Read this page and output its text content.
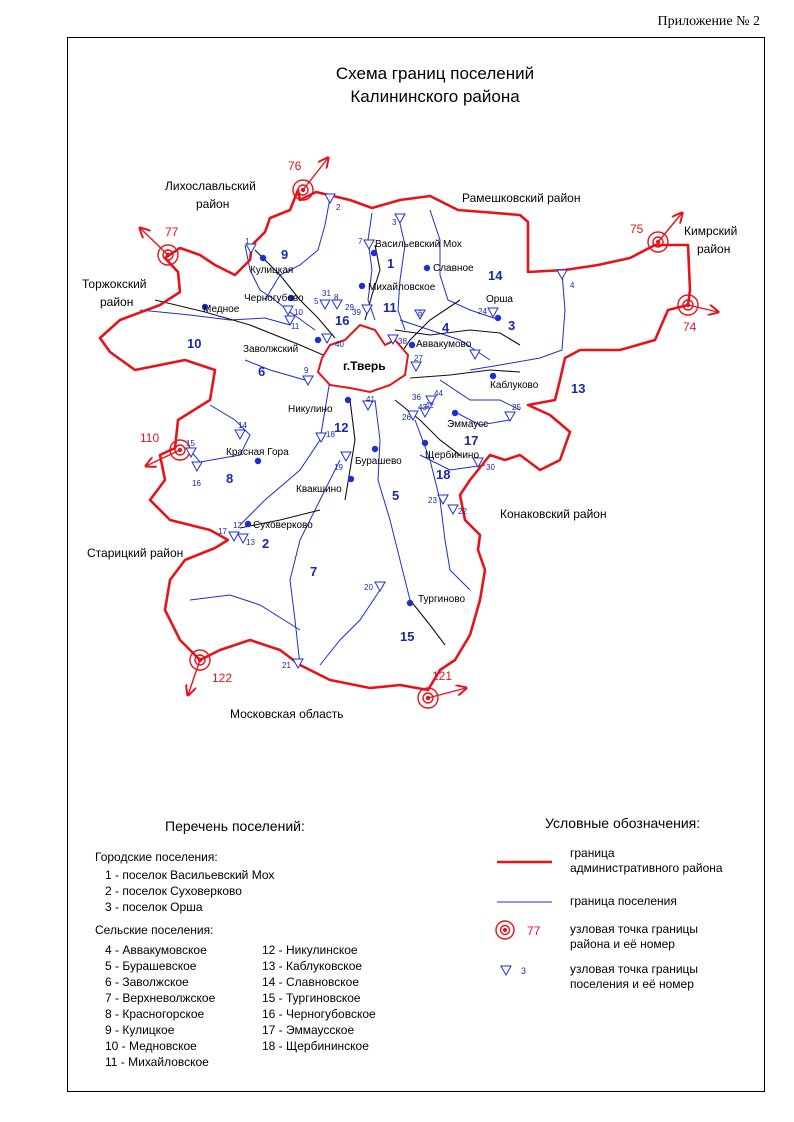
Приложение № 2
Схема границ поселений
Калининского района
76
77	75
74
110
122	121
2
3
4
1	7
5 8
10
11
39
38
6
40
27
9
41
44
42
26
25
43
14
15
18
19	30
16
23
22
17
12
13
20
21
24
29
31
36
Васильевский Мох
Славное
Кулицкая
Михайловское
Черногубово
Медное
Орша
Заволжский	Аввакумово
Каблуково
Никулино
Эммаусс
Щербинино
Красная Гора
Бурашево
Квакшино
Суховерково
Тургиново
г.Тверь
1
2
3
4
5
6
7
8
9
10
11
12
13
14
15
16
17
18
Лихославльский
район
Торжокский
район
Рамешковский район
Кимрский
район
Конаковский район
Старицкий район
Московская область
77
3
Перечень поселений:
Городские поселения:
1 - поселок Васильевский Мох
2 - поселок Суховерково
3 - поселок Орша
Сельские поселения:
4 - Аввакумовское
5 - Бурашевское
6 - Заволжское
7 - Верхневолжское
8 - Красногорское
9 - Кулицкое
10 - Медновское
11 - Михайловское
12 - Никулинское
13 - Каблуковское
14 - Славновское
15 - Тургиновское
16 - Черногубовское
17 - Эммаусское
18 - Щербининское
Условные обозначения:
граница
административного района
граница поселения
узловая точка границы
района и её номер
узловая точка границы
поселения и её номер
